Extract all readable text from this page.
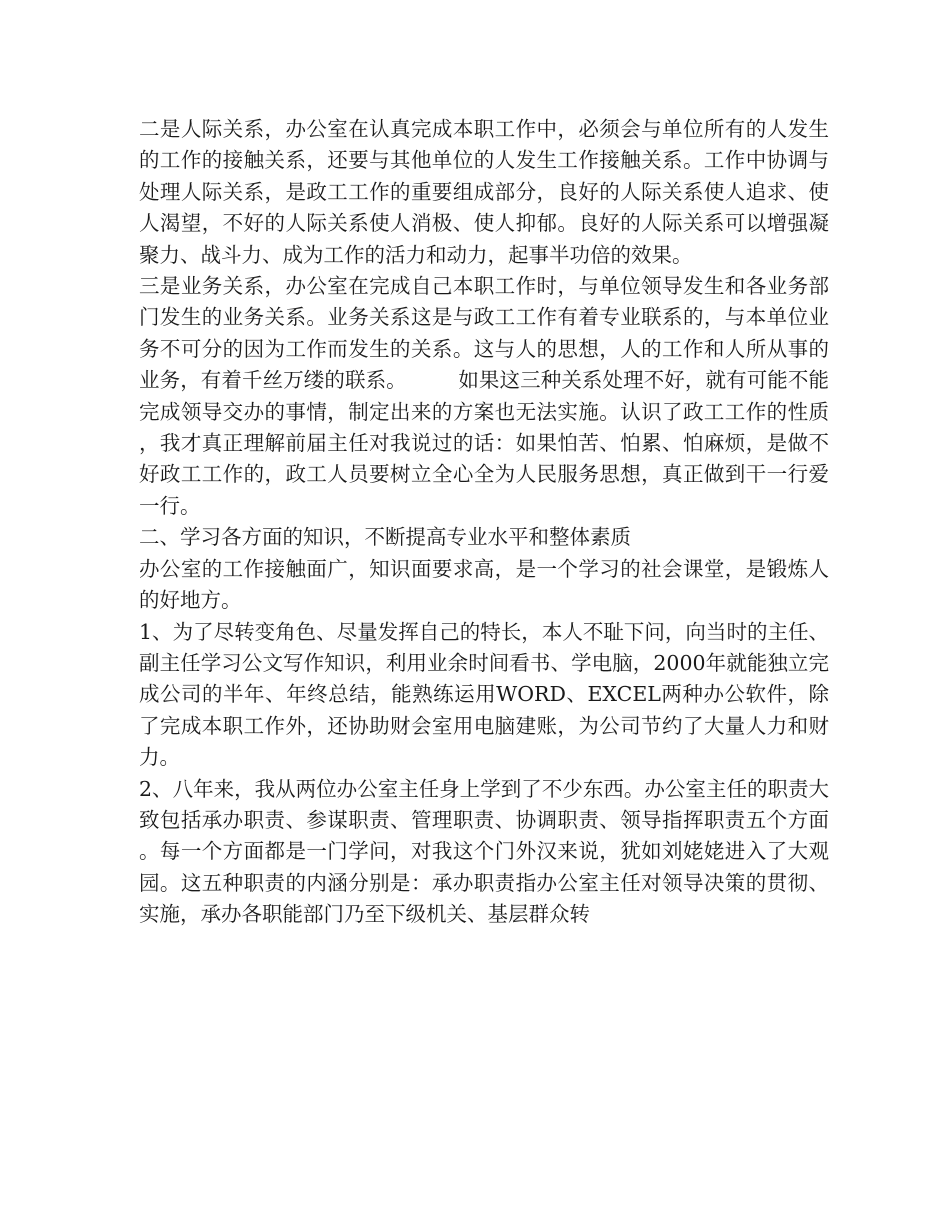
二是人际关系，办公室在认真完成本职工作中，必须会与单位所有的人发生的工作的接触关系，还要与其他单位的人发生工作接触关系。工作中协调与处理人际关系，是政工工作的重要组成部分，良好的人际关系使人追求、使人渴望，不好的人际关系使人消极、使人抑郁。良好的人际关系可以增强凝聚力、战斗力、成为工作的活力和动力，起事半功倍的效果。

三是业务关系，办公室在完成自己本职工作时，与单位领导发生和各业务部门发生的业务关系。业务关系这是与政工工作有着专业联系的，与本单位业务不可分的因为工作而发生的关系。这与人的思想，人的工作和人所从事的业务，有着千丝万缕的联系。　　　如果这三种关系处理不好，就有可能不能完成领导交办的事情，制定出来的方案也无法实施。认识了政工工作的性质，我才真正理解前届主任对我说过的话：如果怕苦、怕累、怕麻烦，是做不好政工工作的，政工人员要树立全心全为人民服务思想，真正做到干一行爱一行。

二、学习各方面的知识，不断提高专业水平和整体素质

办公室的工作接触面广，知识面要求高，是一个学习的社会课堂，是锻炼人的好地方。

1、为了尽转变角色、尽量发挥自己的特长，本人不耻下问，向当时的主任、副主任学习公文写作知识，利用业余时间看书、学电脑，2000年就能独立完成公司的半年、年终总结，能熟练运用WORD、EXCEL两种办公软件，除了完成本职工作外，还协助财会室用电脑建账，为公司节约了大量人力和财力。

2、八年来，我从两位办公室主任身上学到了不少东西。办公室主任的职责大致包括承办职责、参谋职责、管理职责、协调职责、领导指挥职责五个方面。每一个方面都是一门学问，对我这个门外汉来说，犹如刘姥姥进入了大观园。这五种职责的内涵分别是：承办职责指办公室主任对领导决策的贯彻、实施，承办各职能部门乃至下级机关、基层群众转
